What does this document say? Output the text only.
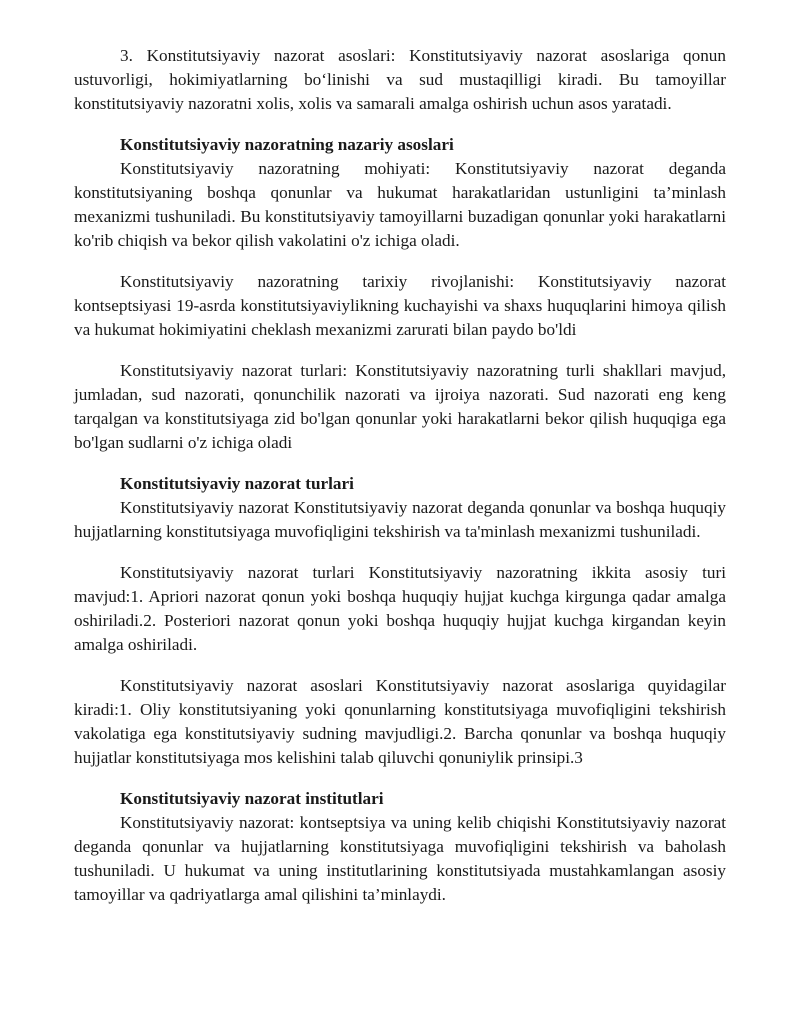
3. Konstitutsiyaviy nazorat asoslari: Konstitutsiyaviy nazorat asoslariga qonun ustuvorligi, hokimiyatlarning bo‘linishi va sud mustaqilligi kiradi. Bu tamoyillar konstitutsiyaviy nazoratni xolis, xolis va samarali amalga oshirish uchun asos yaratadi.

Konstitutsiyaviy nazoratning nazariy asoslari

Konstitutsiyaviy nazoratning mohiyati: Konstitutsiyaviy nazorat deganda konstitutsiyaning boshqa qonunlar va hukumat harakatlaridan ustunligini ta’minlash mexanizmi tushuniladi. Bu konstitutsiyaviy tamoyillarni buzadigan qonunlar yoki harakatlarni ko'rib chiqish va bekor qilish vakolatini o'z ichiga oladi.

Konstitutsiyaviy nazoratning tarixiy rivojlanishi: Konstitutsiyaviy nazorat kontseptsiyasi 19-asrda konstitutsiyaviylikning kuchayishi va shaxs huquqlarini himoya qilish va hukumat hokimiyatini cheklash mexanizmi zarurati bilan paydo bo'ldi

Konstitutsiyaviy nazorat turlari: Konstitutsiyaviy nazoratning turli shakllari mavjud, jumladan, sud nazorati, qonunchilik nazorati va ijroiya nazorati. Sud nazorati eng keng tarqalgan va konstitutsiyaga zid bo'lgan qonunlar yoki harakatlarni bekor qilish huquqiga ega bo'lgan sudlarni o'z ichiga oladi

Konstitutsiyaviy nazorat turlari

Konstitutsiyaviy nazorat Konstitutsiyaviy nazorat deganda qonunlar va boshqa huquqiy hujjatlarning konstitutsiyaga muvofiqligini tekshirish va ta'minlash mexanizmi tushuniladi.

Konstitutsiyaviy nazorat turlari Konstitutsiyaviy nazoratning ikkita asosiy turi mavjud:1. Apriori nazorat qonun yoki boshqa huquqiy hujjat kuchga kirgunga qadar amalga oshiriladi.2. Posteriori nazorat qonun yoki boshqa huquqiy hujjat kuchga kirgandan keyin amalga oshiriladi.

Konstitutsiyaviy nazorat asoslari Konstitutsiyaviy nazorat asoslariga quyidagilar kiradi:1. Oliy konstitutsiyaning yoki qonunlarning konstitutsiyaga muvofiqligini tekshirish vakolatiga ega konstitutsiyaviy sudning mavjudligi.2. Barcha qonunlar va boshqa huquqiy hujjatlar konstitutsiyaga mos kelishini talab qiluvchi qonuniylik prinsipi.3

Konstitutsiyaviy nazorat institutlari

Konstitutsiyaviy nazorat: kontseptsiya va uning kelib chiqishi Konstitutsiyaviy nazorat deganda qonunlar va hujjatlarning konstitutsiyaga muvofiqligini tekshirish va baholash tushuniladi. U hukumat va uning institutlarining konstitutsiyada mustahkamlangan asosiy tamoyillar va qadriyatlarga amal qilishini ta’minlaydi.
